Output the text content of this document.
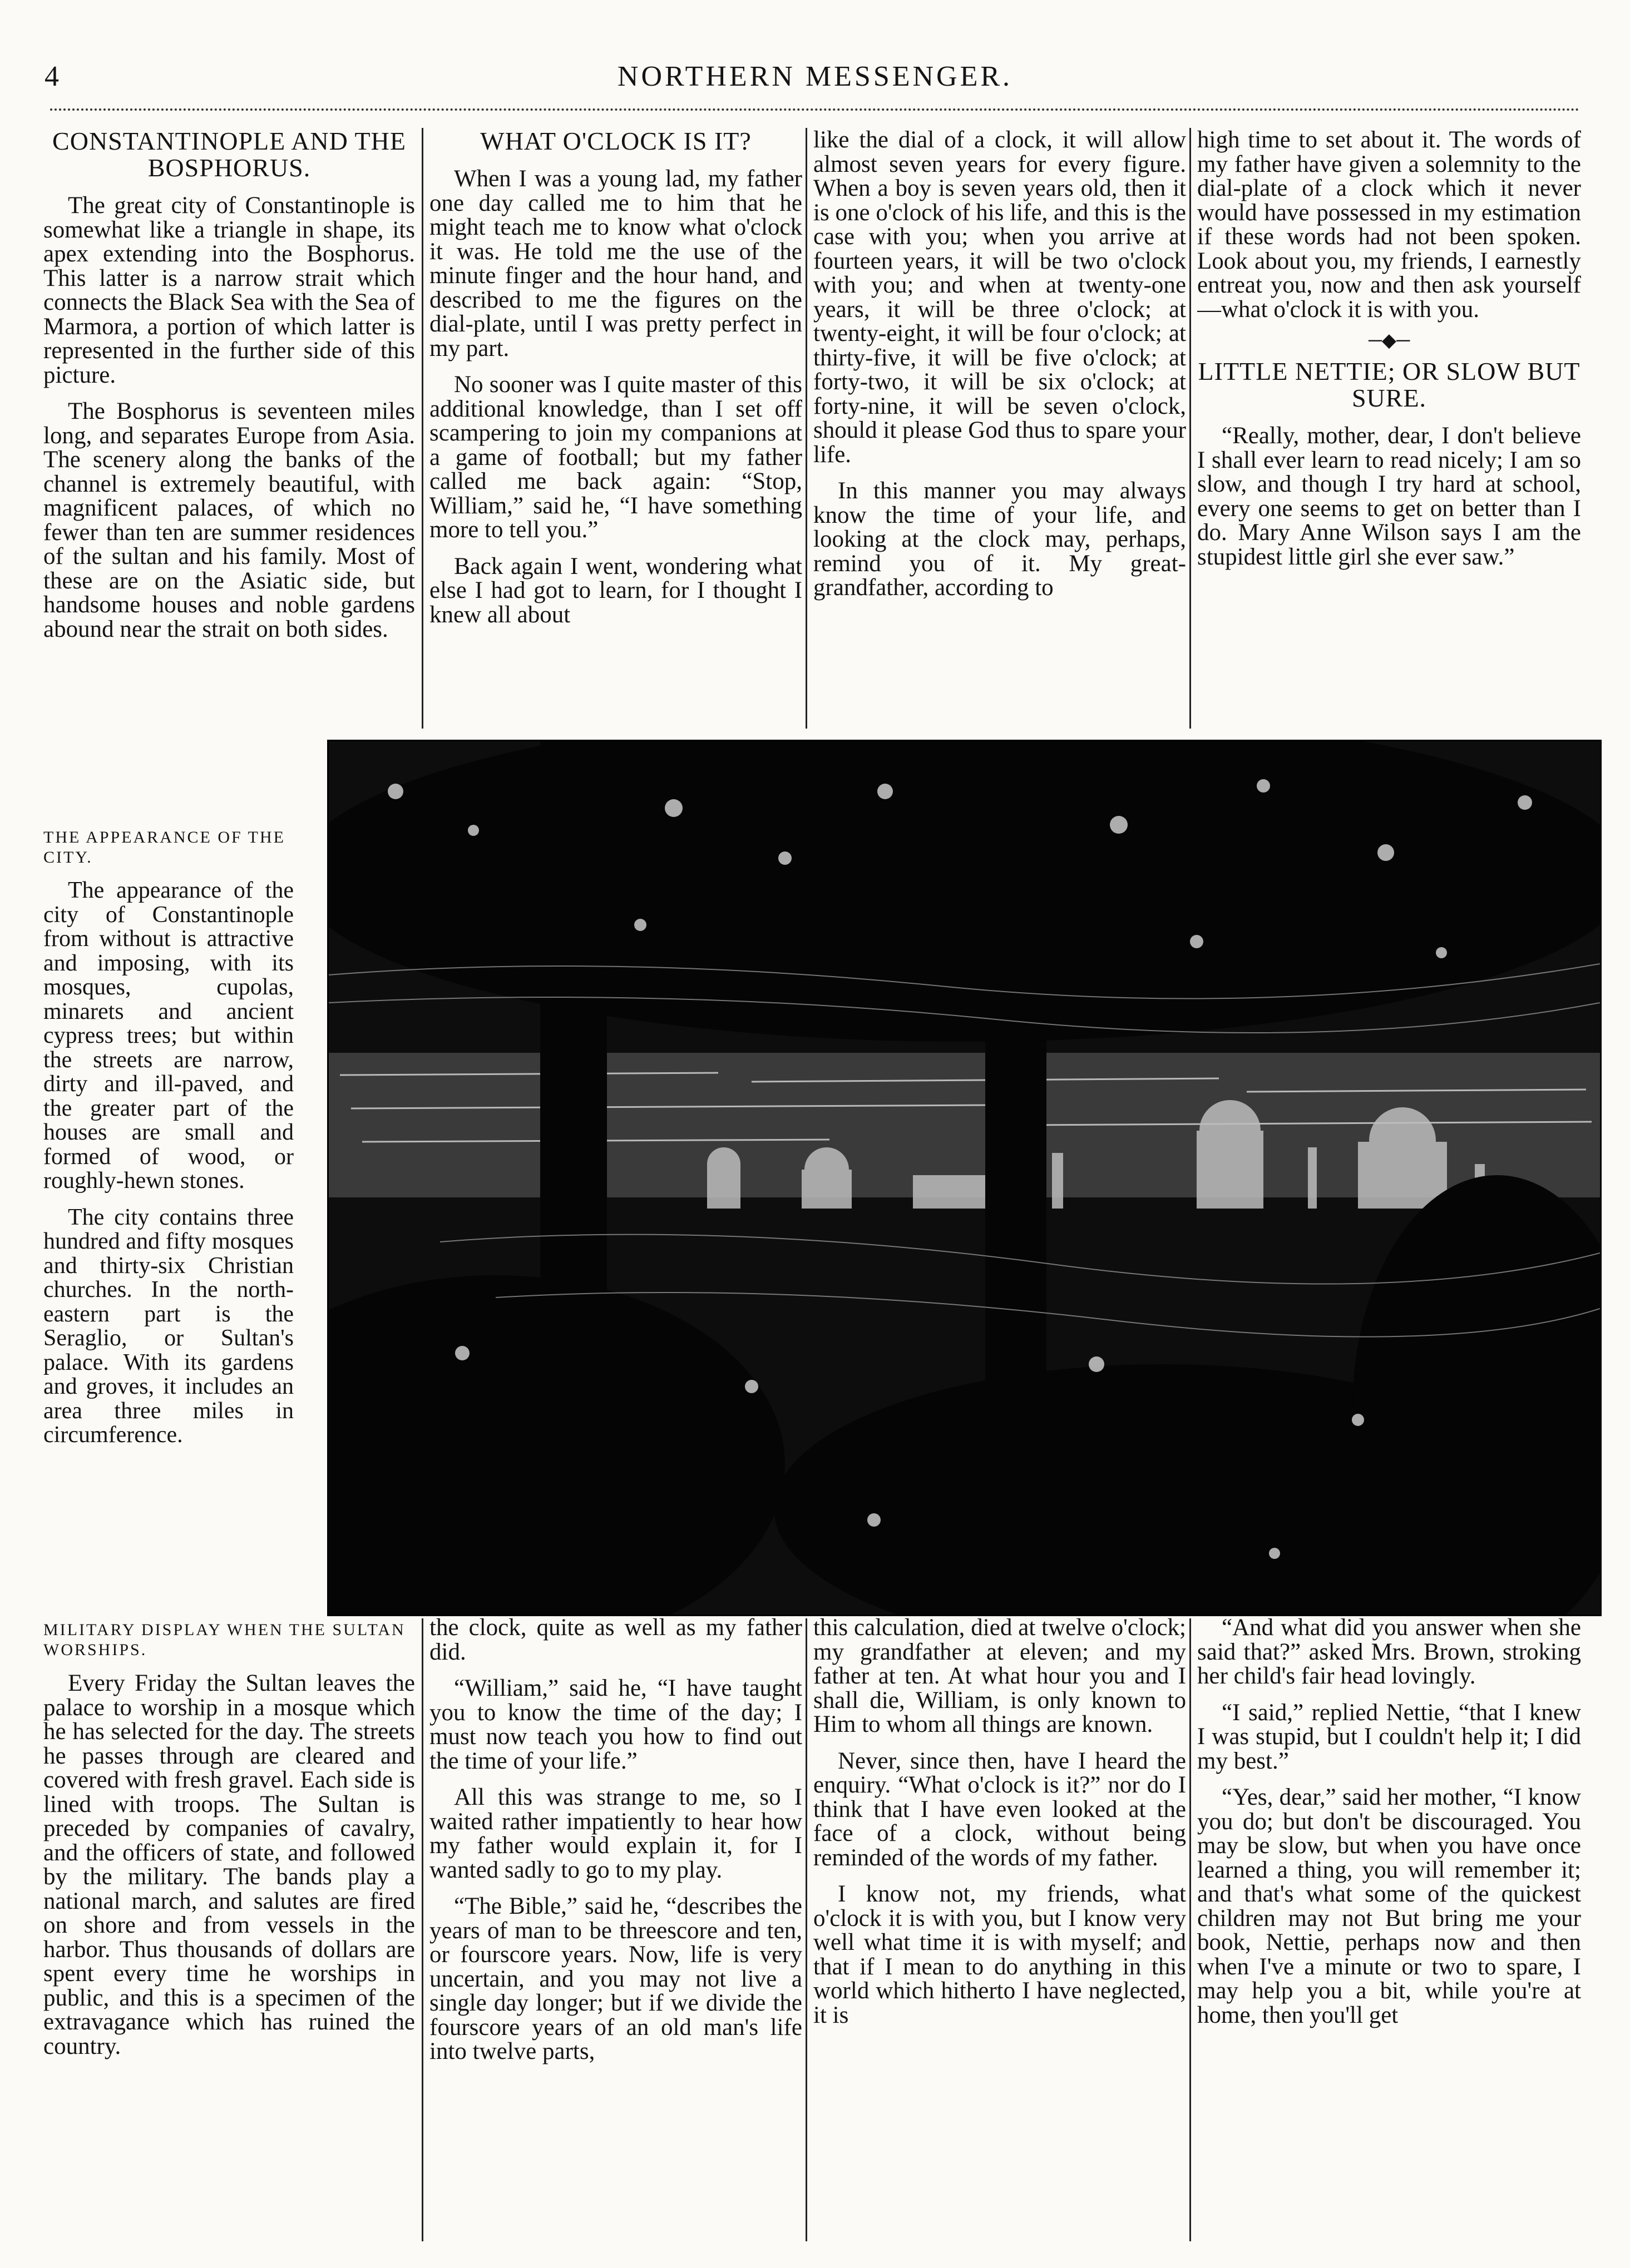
4	NORTHERN MESSENGER.
CONSTANTINOPLE AND THE BOSPHORUS.

The great city of Constantinople is somewhat like a triangle in shape, its apex extending into the Bosphorus. This latter is a narrow strait which connects the Black Sea with the Sea of Marmora, a portion of which latter is represented in the further side of this picture.

The Bosphorus is seventeen miles long, and separates Europe from Asia. The scenery along the banks of the channel is extremely beautiful, with magnificent palaces, of which no fewer than ten are summer residences of the sultan and his family. Most of these are on the Asiatic side, but handsome houses and noble gardens abound near the strait on both sides.

THE APPEARANCE OF THE CITY.

The appearance of the city of Constantinople from without is attractive and imposing, with its mosques, cupolas, minarets and ancient cypress trees; but within the streets are narrow, dirty and ill-paved, and the greater part of the houses are small and formed of wood, or roughly-hewn stones.

The city contains three hundred and fifty mosques and thirty-six Christian churches. In the north-eastern part is the Seraglio, or Sultan's palace. With its gardens and groves, it includes an area three miles in circumference.

MILITARY DISPLAY WHEN THE SULTAN WORSHIPS.

Every Friday the Sultan leaves the palace to worship in a mosque which he has selected for the day. The streets he passes through are cleared and covered with fresh gravel. Each side is lined with troops. The Sultan is preceded by companies of cavalry, and the officers of state, and followed by the military. The bands play a national march, and salutes are fired on shore and from vessels in the harbor. Thus thousands of dollars are spent every time he worships in public, and this is a specimen of the extravagance which has ruined the country.

WHAT O'CLOCK IS IT?

When I was a young lad, my father one day called me to him that he might teach me to know what o'clock it was. He told me the use of the minute finger and the hour hand, and described to me the figures on the dial-plate, until I was pretty perfect in my part.

No sooner was I quite master of this additional knowledge, than I set off scampering to join my companions at a game of football; but my father called me back again: “Stop, William,” said he, “I have something more to tell you.”

Back again I went, wondering what else I had got to learn, for I thought I knew all about

like the dial of a clock, it will allow almost seven years for every figure. When a boy is seven years old, then it is one o'clock of his life, and this is the case with you; when you arrive at fourteen years, it will be two o'clock with you; and when at twenty-one years, it will be three o'clock; at twenty-eight, it will be four o'clock; at thirty-five, it will be five o'clock; at forty-two, it will be six o'clock; at forty-nine, it will be seven o'clock, should it please God thus to spare your life.

In this manner you may always know the time of your life, and looking at the clock may, perhaps, remind you of it. My great-grandfather, according to

high time to set about it. The words of my father have given a solemnity to the dial-plate of a clock which it never would have possessed in my estimation if these words had not been spoken. Look about you, my friends, I earnestly entreat you, now and then ask yourself—what o'clock it is with you.

─◆─
LITTLE NETTIE; OR SLOW BUT SURE.

“Really, mother, dear, I don't believe I shall ever learn to read nicely; I am so slow, and though I try hard at school, every one seems to get on better than I do. Mary Anne Wilson says I am the stupidest little girl she ever saw.”

the clock, quite as well as my father did.

“William,” said he, “I have taught you to know the time of the day; I must now teach you how to find out the time of your life.”

All this was strange to me, so I waited rather impatiently to hear how my father would explain it, for I wanted sadly to go to my play.

“The Bible,” said he, “describes the years of man to be threescore and ten, or fourscore years. Now, life is very uncertain, and you may not live a single day longer; but if we divide the fourscore years of an old man's life into twelve parts,

this calculation, died at twelve o'clock; my grandfather at eleven; and my father at ten. At what hour you and I shall die, William, is only known to Him to whom all things are known.

Never, since then, have I heard the enquiry. “What o'clock is it?” nor do I think that I have even looked at the face of a clock, without being reminded of the words of my father.

I know not, my friends, what o'clock it is with you, but I know very well what time it is with myself; and that if I mean to do anything in this world which hitherto I have neglected, it is

“And what did you answer when she said that?” asked Mrs. Brown, stroking her child's fair head lovingly.

“I said,” replied Nettie, “that I knew I was stupid, but I couldn't help it; I did my best.”

“Yes, dear,” said her mother, “I know you do; but don't be discouraged. You may be slow, but when you have once learned a thing, you will remember it; and that's what some of the quickest children may not But bring me your book, Nettie, perhaps now and then when I've a minute or two to spare, I may help you a bit, while you're at home, then you'll get
